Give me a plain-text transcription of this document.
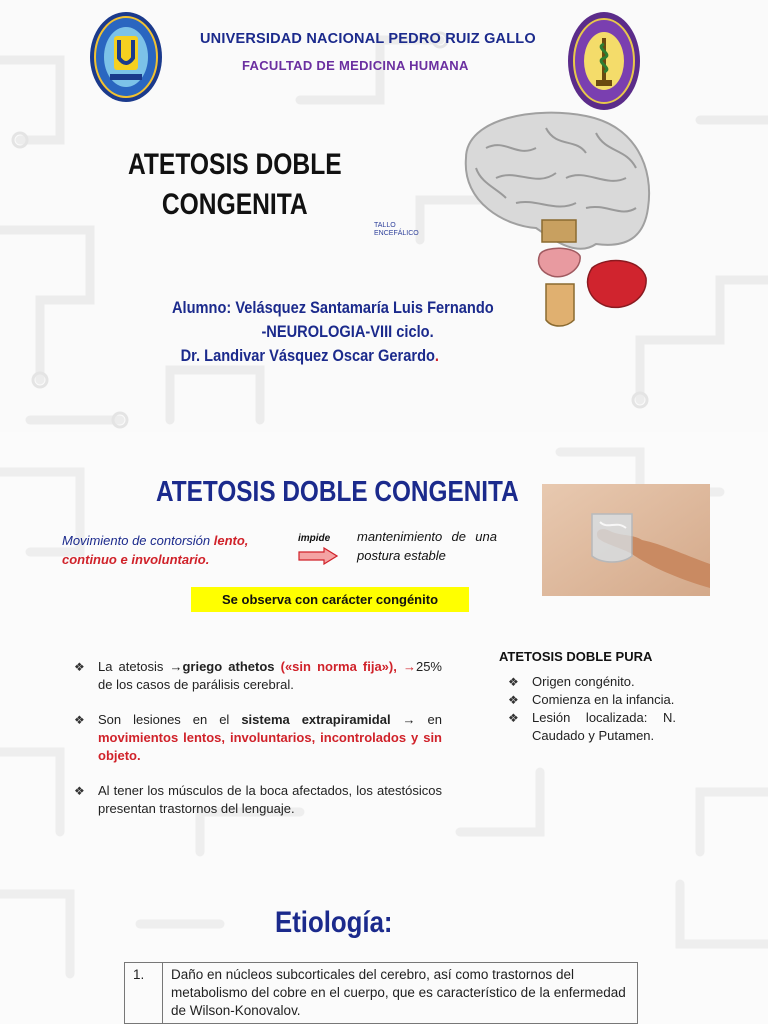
UNIVERSIDAD NACIONAL PEDRO RUIZ GALLO
FACULTAD DE MEDICINA HUMANA
ATETOSIS DOBLE
CONGENITA
TALLO
ENCEFÁLICO
Alumno: Velásquez Santamaría Luis Fernando
-NEUROLOGIA-VIII ciclo.
Dr. Landivar Vásquez Oscar Gerardo.
ATETOSIS DOBLE CONGENITA
Movimiento de contorsión lento, continuo e involuntario.
impide mantenimiento de una postura estable
Se observa con carácter congénito
❖ La atetosis →griego athetos («sin norma fija»), →25% de los casos de parálisis cerebral.
❖ Son lesiones en el sistema extrapiramidal → en movimientos lentos, involuntarios, incontrolados y sin objeto.
❖ Al tener los músculos de la boca afectados, los atestósicos presentan trastornos del lenguaje.
ATETOSIS DOBLE PURA
❖ Origen congénito.
❖ Comienza en la infancia.
❖ Lesión localizada: N. Caudado y Putamen.
Etiología:
1.	Daño en núcleos subcorticales del cerebro, así como trastornos del metabolismo del cobre en el cuerpo, que es característico de la enfermedad de Wilson-Konovalov.
